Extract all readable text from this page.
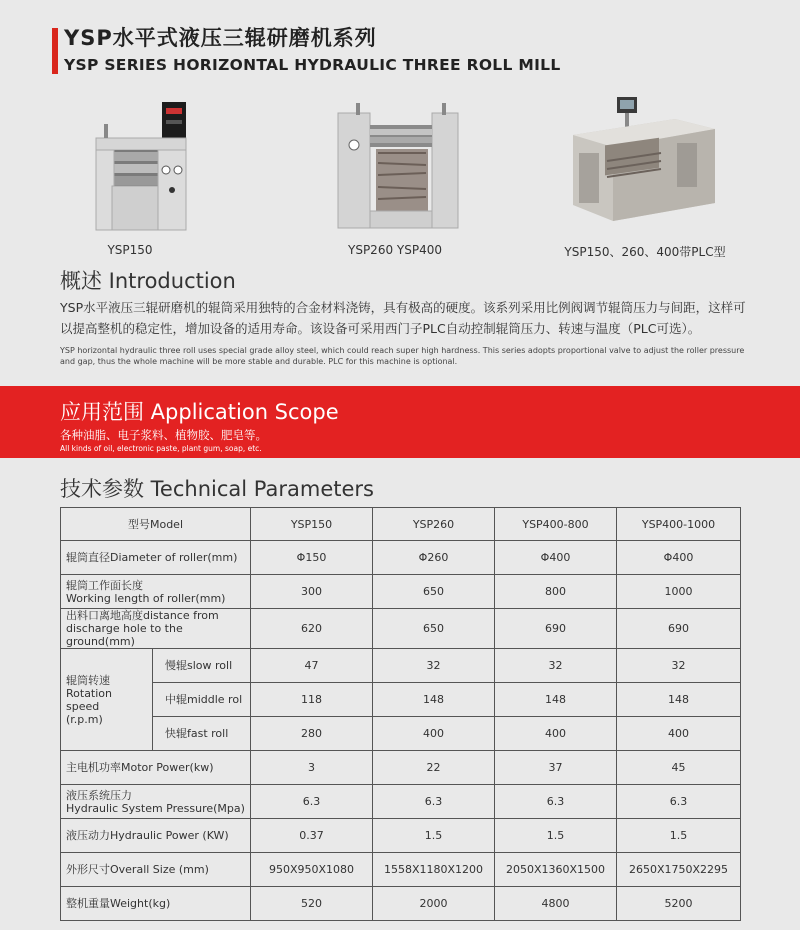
YSP水平式液压三辊研磨机系列
YSP SERIES HORIZONTAL HYDRAULIC THREE ROLL MILL
YSP150	YSP260 YSP400	YSP150、260、400带PLC型
概述 Introduction
YSP水平液压三辊研磨机的辊筒采用独特的合金材料浇铸，具有极高的硬度。该系列采用比例阀调节辊筒压力与间距，这样可以提高整机的稳定性，增加设备的适用寿命。该设备可采用西门子PLC自动控制辊筒压力、转速与温度（PLC可选）。
YSP horizontal hydraulic three roll uses special grade alloy steel, which could reach super high hardness. This series adopts proportional valve to adjust the roller pressure and gap, thus the whole machine will be more stable and durable. PLC for this machine is optional.
应用范围 Application Scope
各种油脂、电子浆料、植物胶、肥皂等。
All kinds of oil, electronic paste, plant gum, soap, etc.
技术参数 Technical Parameters
型号Model		YSP150	YSP260	YSP400-800	YSP400-1000
辊筒直径Diameter of roller(mm)		Φ150	Φ260	Φ400	Φ400
辊筒工作面长度
Working length of roller(mm)		300	650	800	1000
出料口离地高度distance from
discharge hole to the ground(mm)		620	650	690	690
辊筒转速
Rotation speed
(r.p.m)	慢辊slow roll	47	32	32	32
	中辊middle rol	118	148	148	148
	快辊fast roll	280	400	400	400
主电机功率Motor Power(kw)		3	22	37	45
液压系统压力
Hydraulic System Pressure(Mpa)		6.3	6.3	6.3	6.3
液压动力Hydraulic Power (KW)		0.37	1.5	1.5	1.5
外形尺寸Overall Size (mm)		950X950X1080	1558X1180X1200	2050X1360X1500	2650X1750X2295
整机重量Weight(kg)		520	2000	4800	5200
